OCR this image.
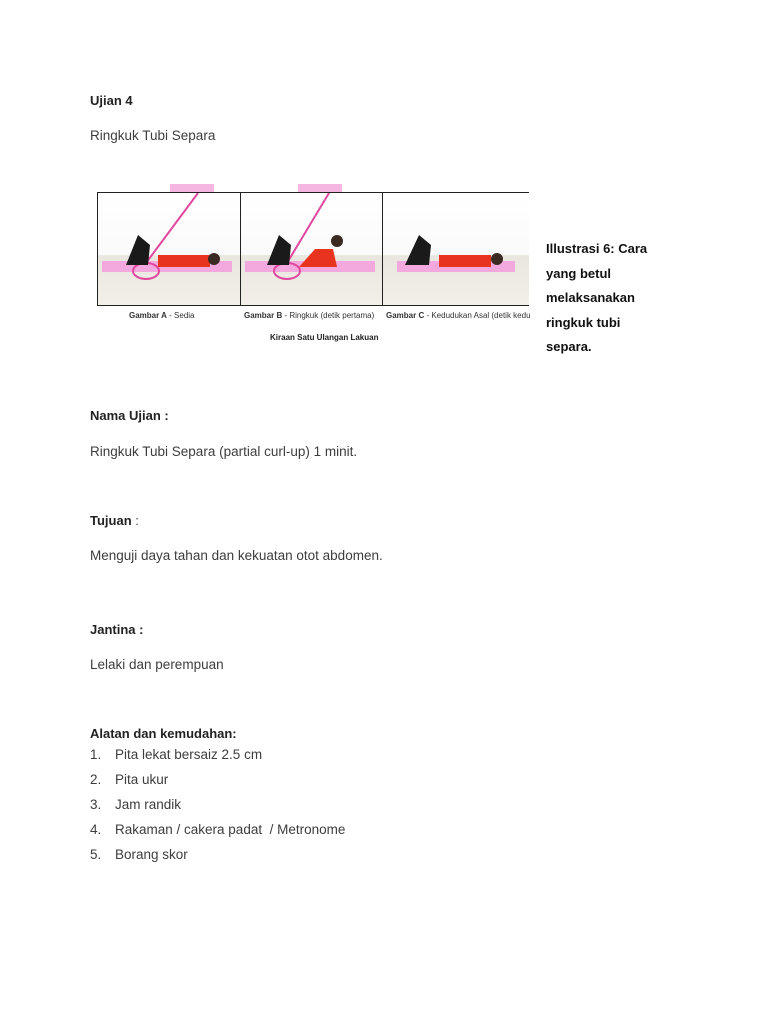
Ujian 4
Ringkuk Tubi Separa
Gambar A - Sedia	Gambar B - Ringkuk (detik pertama) Gambar C - Kedudukan Asal (detik kedu
Kiraan Satu Ulangan Lakuan
Illustrasi 6: Cara yang betul melaksanakan ringkuk tubi separa.
Nama Ujian :
Ringkuk Tubi Separa (partial curl-up) 1 minit.
Tujuan :
Menguji daya tahan dan kekuatan otot abdomen.
Jantina :
Lelaki dan perempuan
Alatan dan kemudahan:
1.	Pita lekat bersaiz 2.5 cm
2.	Pita ukur
3.	Jam randik
4.	Rakaman / cakera padat  / Metronome
5.	Borang skor
